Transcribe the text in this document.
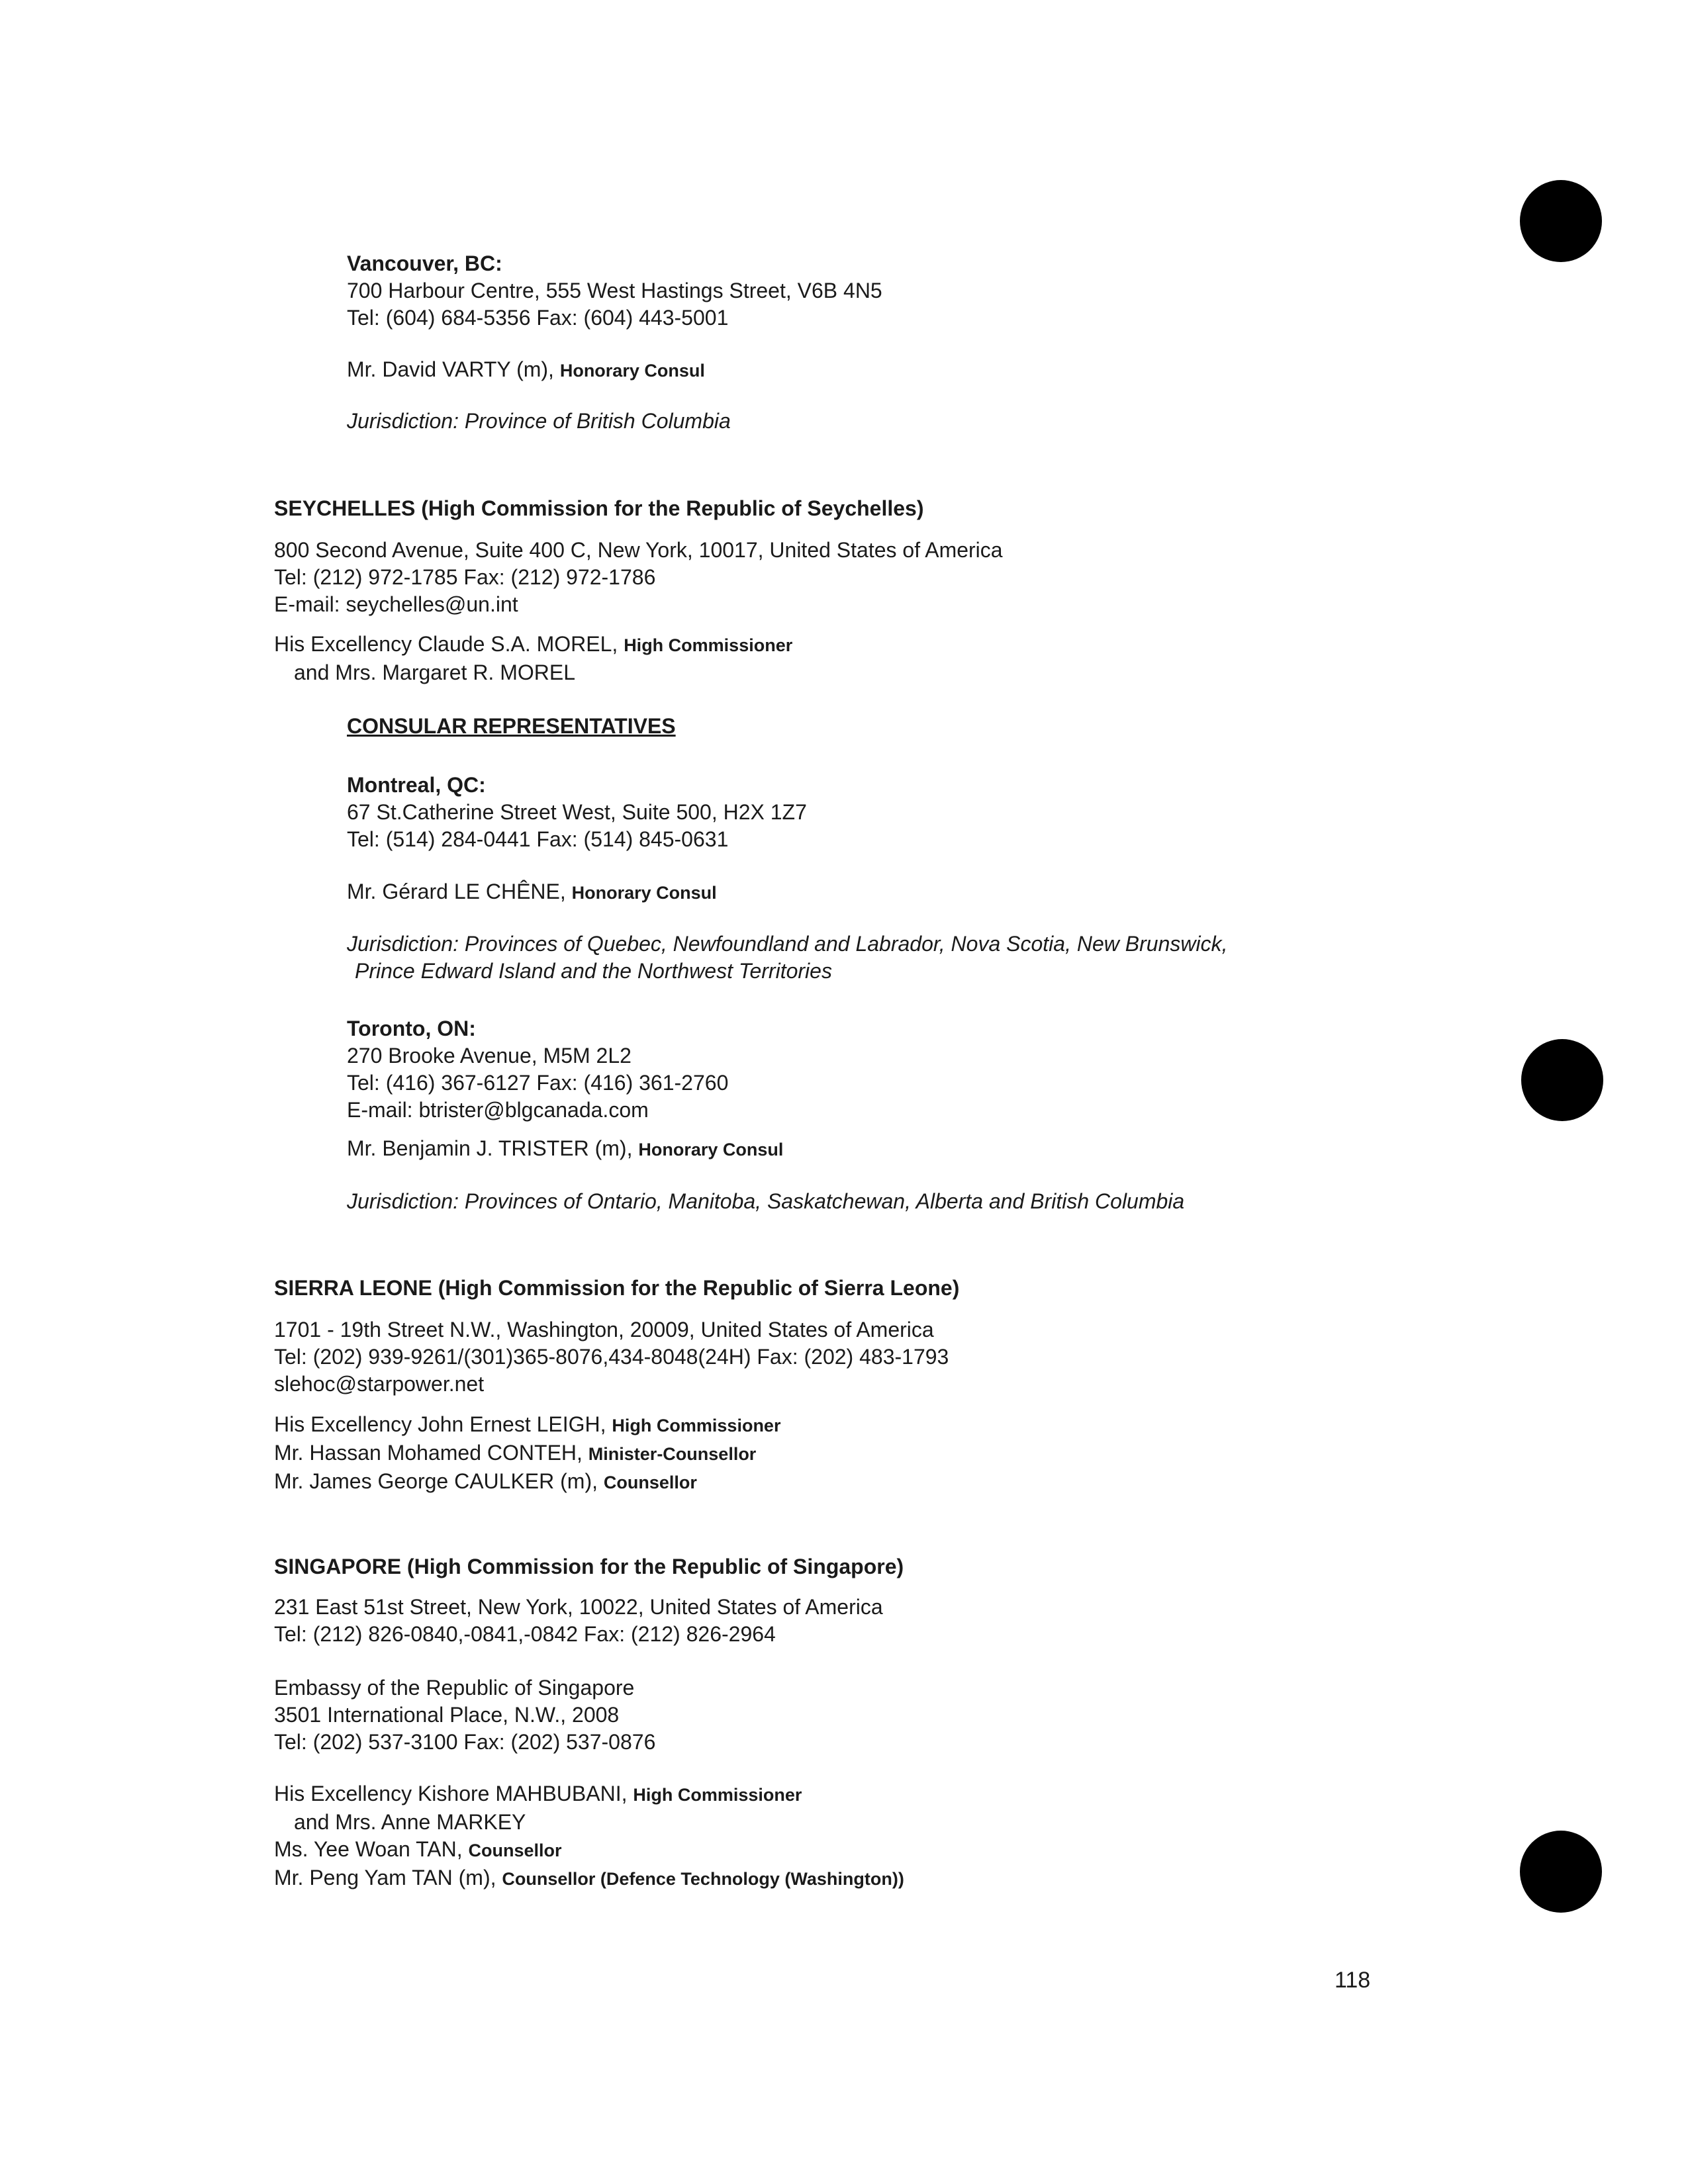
Vancouver, BC:
700 Harbour Centre, 555 West Hastings Street, V6B 4N5
Tel: (604) 684-5356 Fax: (604) 443-5001
Mr. David VARTY (m), Honorary Consul
Jurisdiction: Province of British Columbia
SEYCHELLES (High Commission for the Republic of Seychelles)
800 Second Avenue, Suite 400 C, New York, 10017, United States of America
Tel: (212) 972-1785 Fax: (212) 972-1786
E-mail: seychelles@un.int
His Excellency Claude S.A. MOREL, High Commissioner
and Mrs. Margaret R. MOREL
CONSULAR REPRESENTATIVES
Montreal, QC:
67 St.Catherine Street West, Suite 500, H2X 1Z7
Tel: (514) 284-0441 Fax: (514) 845-0631
Mr. Gérard LE CHÊNE, Honorary Consul
Jurisdiction: Provinces of Quebec, Newfoundland and Labrador, Nova Scotia, New Brunswick,
Prince Edward Island and the Northwest Territories
Toronto, ON:
270 Brooke Avenue, M5M 2L2
Tel: (416) 367-6127 Fax: (416) 361-2760
E-mail: btrister@blgcanada.com
Mr. Benjamin J. TRISTER (m), Honorary Consul
Jurisdiction: Provinces of Ontario, Manitoba, Saskatchewan, Alberta and British Columbia
SIERRA LEONE (High Commission for the Republic of Sierra Leone)
1701 - 19th Street N.W., Washington, 20009, United States of America
Tel: (202) 939-9261/(301)365-8076,434-8048(24H) Fax: (202) 483-1793
slehoc@starpower.net
His Excellency John Ernest LEIGH, High Commissioner
Mr. Hassan Mohamed CONTEH, Minister-Counsellor
Mr. James George CAULKER (m), Counsellor
SINGAPORE (High Commission for the Republic of Singapore)
231 East 51st Street, New York, 10022, United States of America
Tel: (212) 826-0840,-0841,-0842 Fax: (212) 826-2964
Embassy of the Republic of Singapore
3501 International Place, N.W., 2008
Tel: (202) 537-3100 Fax: (202) 537-0876
His Excellency Kishore MAHBUBANI, High Commissioner
and Mrs. Anne MARKEY
Ms. Yee Woan TAN, Counsellor
Mr. Peng Yam TAN (m), Counsellor (Defence Technology (Washington))
118
